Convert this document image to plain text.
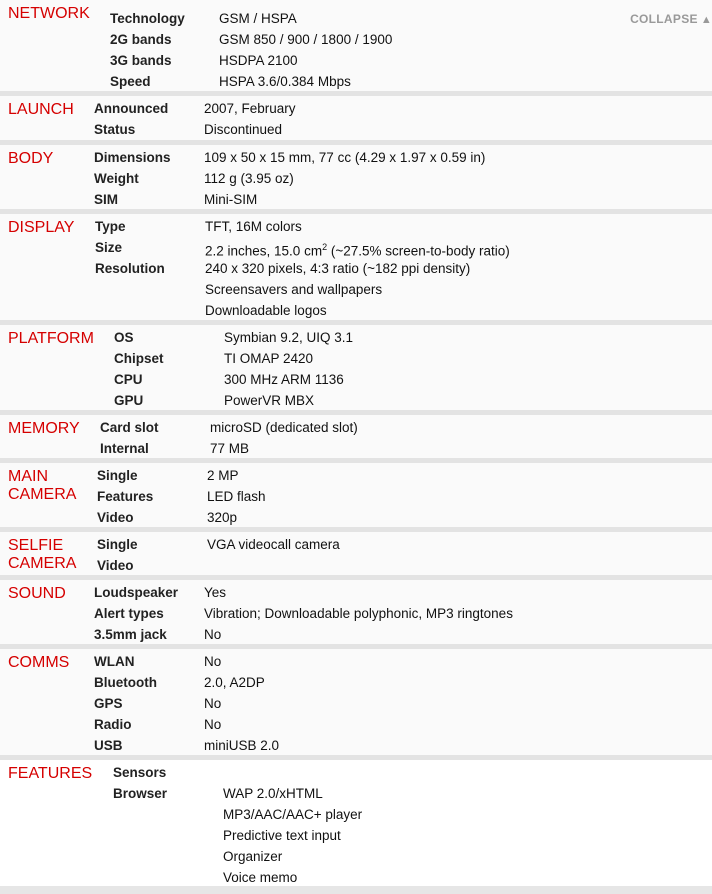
NETWORK	COLLAPSE ▲
Technology	GSM / HSPA
2G bands	GSM 850 / 900 / 1800 / 1900
3G bands	HSDPA 2100
Speed	HSPA 3.6/0.384 Mbps
LAUNCH	Announced	2007, February
Status	Discontinued
BODY	Dimensions 109 x 50 x 15 mm, 77 cc (4.29 x 1.97 x 0.59 in)
Weight	112 g (3.95 oz)
SIM	Mini-SIM
DISPLAY	Type	TFT, 16M colors
Size	2.2 inches, 15.0 $cm^2$ (~27.5% screen-to-body ratio)
Resolution	240 x 320 pixels, 4:3 ratio (~182 ppi density)
Screensavers and wallpapers
Downloadable logos
PLATFORM	OS	Symbian 9.2, UIQ 3.1
Chipset	TI OMAP 2420
CPU	300 MHz ARM 1136
GPU	PowerVR MBX
MEMORY	Card slot	microSD (dedicated slot)
Internal	77 MB
MAIN
CAMERA
Single	2 MP
Features	LED flash
Video	320p
SELFIE
CAMERA
Single	VGA videocall camera
Video
SOUND	Loudspeaker Yes
Alert types	Vibration; Downloadable polyphonic, MP3 ringtones
3.5mm jack	No
COMMS	WLAN	No
Bluetooth	2.0, A2DP
GPS	No
Radio	No
USB	miniUSB 2.0
FEATURES	Sensors
Browser	WAP 2.0/xHTML
MP3/AAC/AAC+ player
Predictive text input
Organizer
Voice memo
